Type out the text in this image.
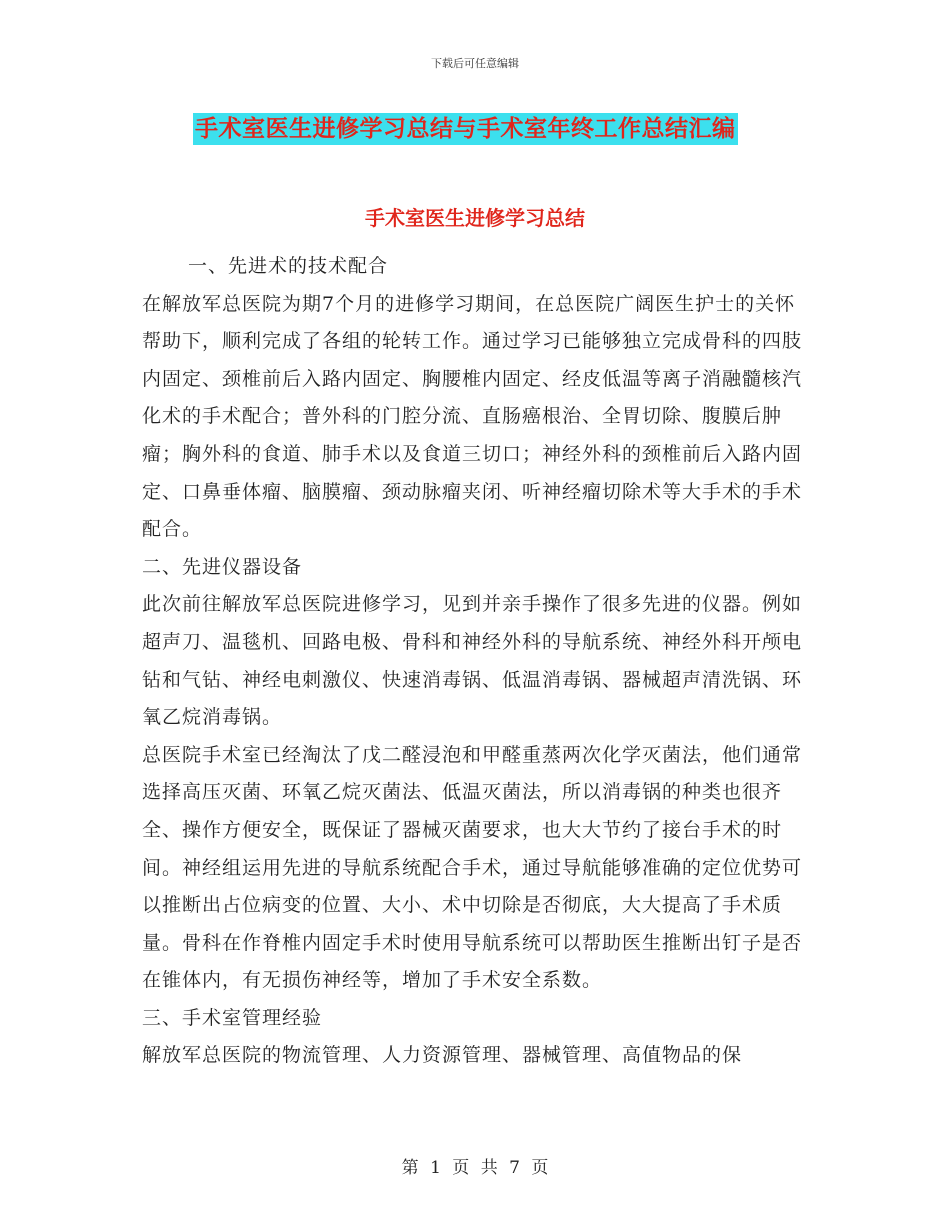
下载后可任意编辑
手术室医生进修学习总结与手术室年终工作总结汇编
手术室医生进修学习总结

一、先进术的技术配合

在解放军总医院为期7个月的进修学习期间，在总医院广阔医生护士的关怀帮助下，顺利完成了各组的轮转工作。通过学习已能够独立完成骨科的四肢内固定、颈椎前后入路内固定、胸腰椎内固定、经皮低温等离子消融髓核汽化术的手术配合；普外科的门腔分流、直肠癌根治、全胃切除、腹膜后肿瘤；胸外科的食道、肺手术以及食道三切口；神经外科的颈椎前后入路内固定、口鼻垂体瘤、脑膜瘤、颈动脉瘤夹闭、听神经瘤切除术等大手术的手术配合。

二、先进仪器设备

此次前往解放军总医院进修学习，见到并亲手操作了很多先进的仪器。例如超声刀、温毯机、回路电极、骨科和神经外科的导航系统、神经外科开颅电钻和气钻、神经电刺激仪、快速消毒锅、低温消毒锅、器械超声清洗锅、环氧乙烷消毒锅。

总医院手术室已经淘汰了戊二醛浸泡和甲醛重蒸两次化学灭菌法，他们通常选择高压灭菌、环氧乙烷灭菌法、低温灭菌法，所以消毒锅的种类也很齐全、操作方便安全，既保证了器械灭菌要求，也大大节约了接台手术的时间。神经组运用先进的导航系统配合手术，通过导航能够准确的定位优势可以推断出占位病变的位置、大小、术中切除是否彻底，大大提高了手术质量。骨科在作脊椎内固定手术时使用导航系统可以帮助医生推断出钉子是否在锥体内，有无损伤神经等，增加了手术安全系数。

三、手术室管理经验

解放军总医院的物流管理、人力资源管理、器械管理、高值物品的保

第 1 页 共 7 页
